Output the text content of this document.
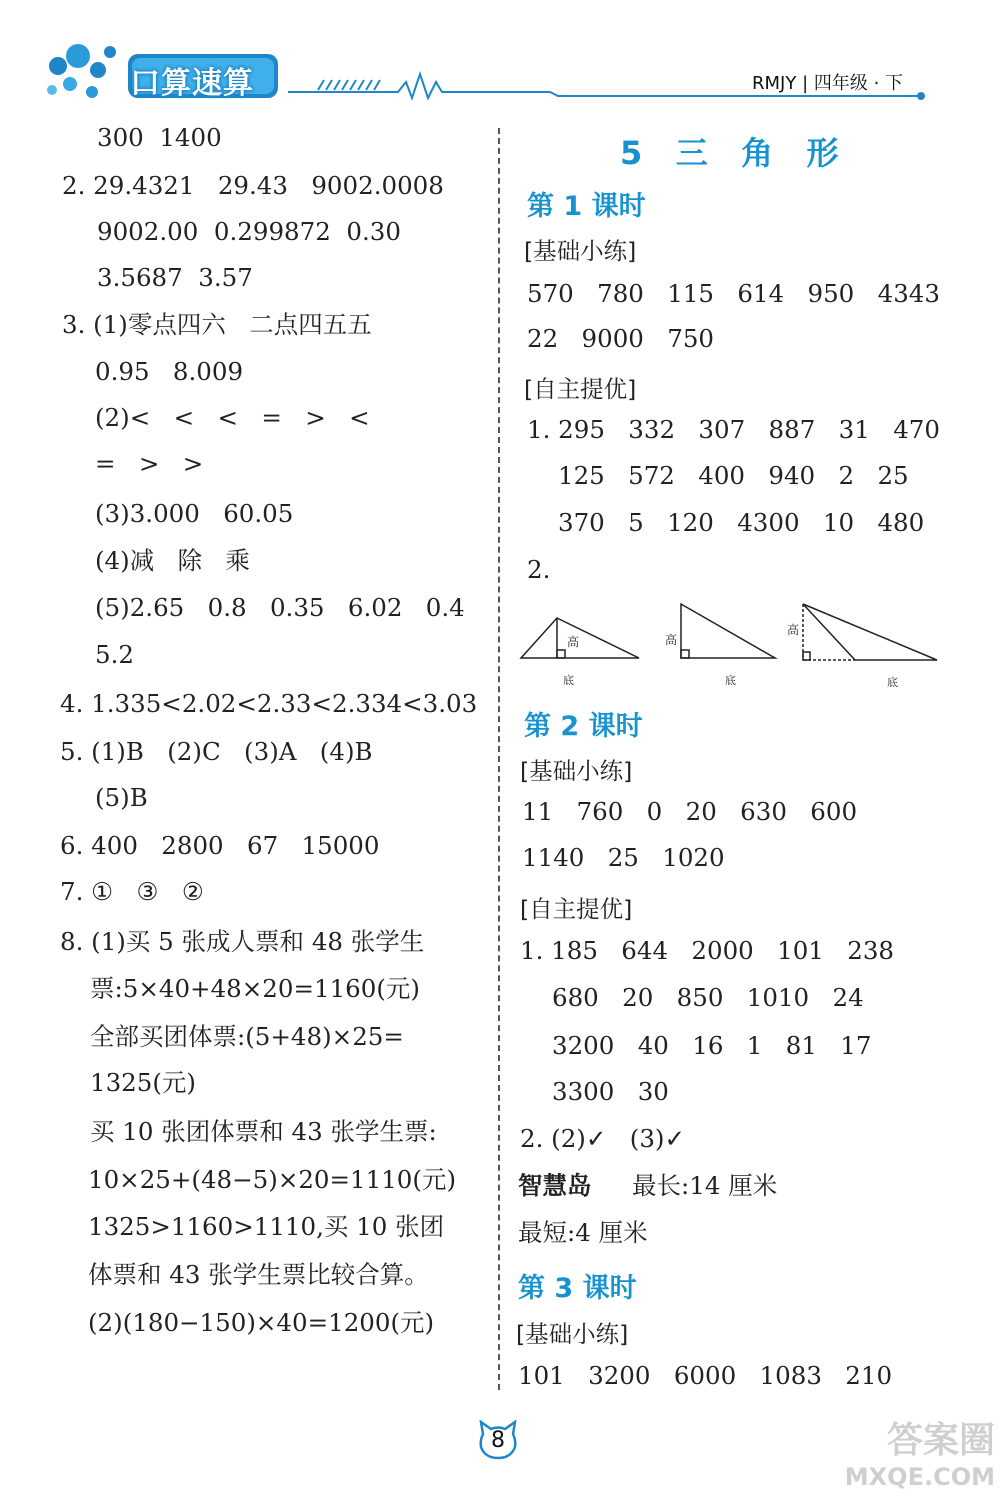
口算速算	RMJY | 四年级 · 下
300  1400
2. 29.4321   29.43   9002.0008
9002.00  0.299872  0.30
3.5687  3.57
3. (1)零点四六   二点四五五
0.95   8.009
(2)<   <   <   =   >   <
=   >   >
(3)3.000   60.05
(4)减   除   乘
(5)2.65   0.8   0.35   6.02   0.4
5.2
4. 1.335<2.02<2.33<2.334<3.03
5. (1)B   (2)C   (3)A   (4)B
(5)B
6. 400   2800   67   15000
7. ①   ③   ②
8. (1)买 5 张成人票和 48 张学生
票:5×40+48×20=1160(元)
全部买团体票:(5+48)×25=
1325(元)
买 10 张团体票和 43 张学生票:
10×25+(48−5)×20=1110(元)
1325>1160>1110,买 10 张团
体票和 43 张学生票比较合算。
(2)(180−150)×40=1200(元)
5   三   角   形
第 1 课时
[基础小练]
570   780   115   614   950   4343
22   9000   750
[自主提优]
1. 295   332   307   887   31   470
125   572   400   940   2   25
370   5   120   4300   10   480
2.
高
底
高
底
高
底
第 2 课时
[基础小练]
11   760   0   20   630   600
1140   25   1020
[自主提优]
1. 185   644   2000   101   238
680   20   850   1010   24
3200   40   16   1   81   17
3300   30
2. (2)✓   (3)✓
智慧岛 最长:14 厘米
最短:4 厘米
第 3 课时
[基础小练]
101   3200   6000   1083   210
8	答案圈
MXQE.COM
